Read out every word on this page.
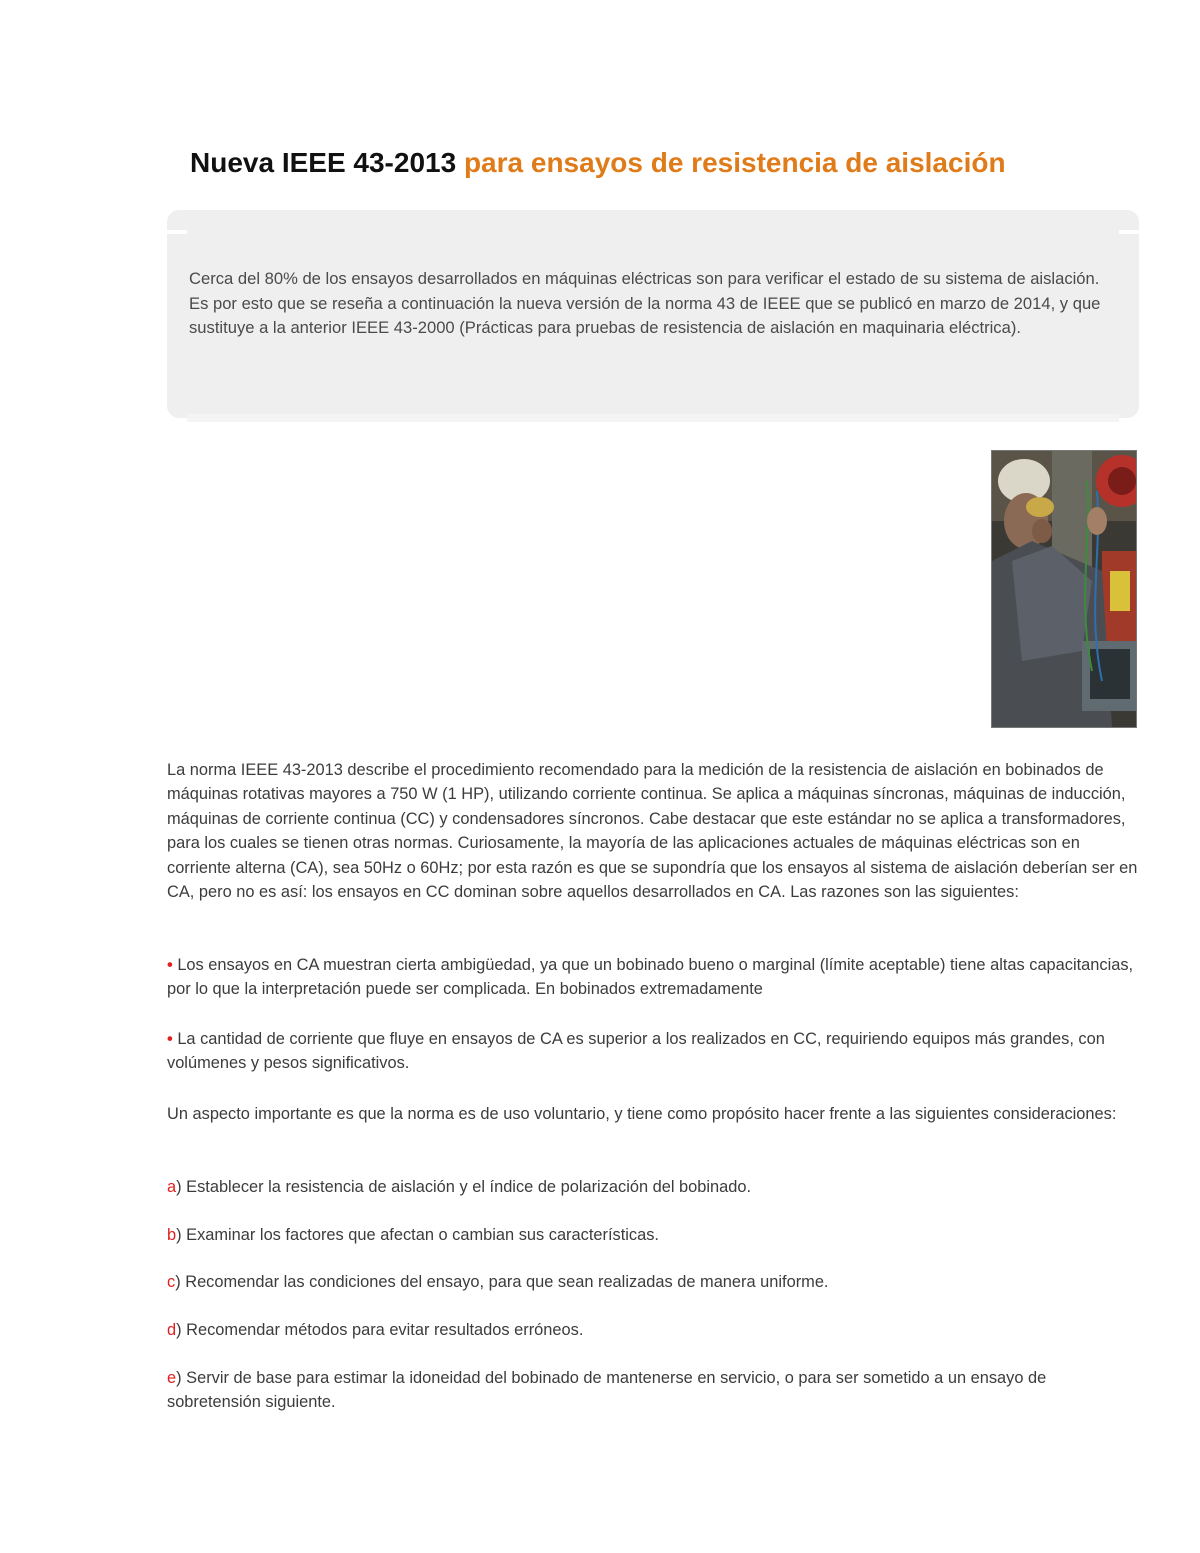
Nueva IEEE 43-2013 para ensayos de resistencia de aislación

Cerca del 80% de los ensayos desarrollados en máquinas eléctricas son para verificar el estado de su sistema de aislación. Es por esto que se reseña a continuación la nueva versión de la norma 43 de IEEE que se publicó en marzo de 2014, y que sustituye a la anterior IEEE 43-2000 (Prácticas para pruebas de resistencia de aislación en maquinaria eléctrica).

La norma IEEE 43-2013 describe el procedimiento recomendado para la medición de la resistencia de aislación en bobinados de máquinas rotativas mayores a 750 W (1 HP), utilizando corriente continua. Se aplica a máquinas síncronas, máquinas de inducción, máquinas de corriente continua (CC) y condensadores síncronos. Cabe destacar que este estándar no se aplica a transformadores, para los cuales se tienen otras normas. Curiosamente, la mayoría de las aplicaciones actuales de máquinas eléctricas son en corriente alterna (CA), sea 50Hz o 60Hz; por esta razón es que se supondría que los ensayos al sistema de aislación deberían ser en CA, pero no es así: los ensayos en CC dominan sobre aquellos desarrollados en CA. Las razones son las siguientes:

• Los ensayos en CA muestran cierta ambigüedad, ya que un bobinado bueno o marginal (límite aceptable) tiene altas capacitancias, por lo que la interpretación puede ser complicada. En bobinados extremadamente

• La cantidad de corriente que fluye en ensayos de CA es superior a los realizados en CC, requiriendo equipos más grandes, con volúmenes y pesos significativos.

Un aspecto importante es que la norma es de uso voluntario, y tiene como propósito hacer frente a las siguientes consideraciones:

a) Establecer la resistencia de aislación y el índice de polarización del bobinado.

b) Examinar los factores que afectan o cambian sus características.

c) Recomendar las condiciones del ensayo, para que sean realizadas de manera uniforme.

d) Recomendar métodos para evitar resultados erróneos.

e) Servir de base para estimar la idoneidad del bobinado de mantenerse en servicio, o para ser sometido a un ensayo de sobretensión siguiente.
